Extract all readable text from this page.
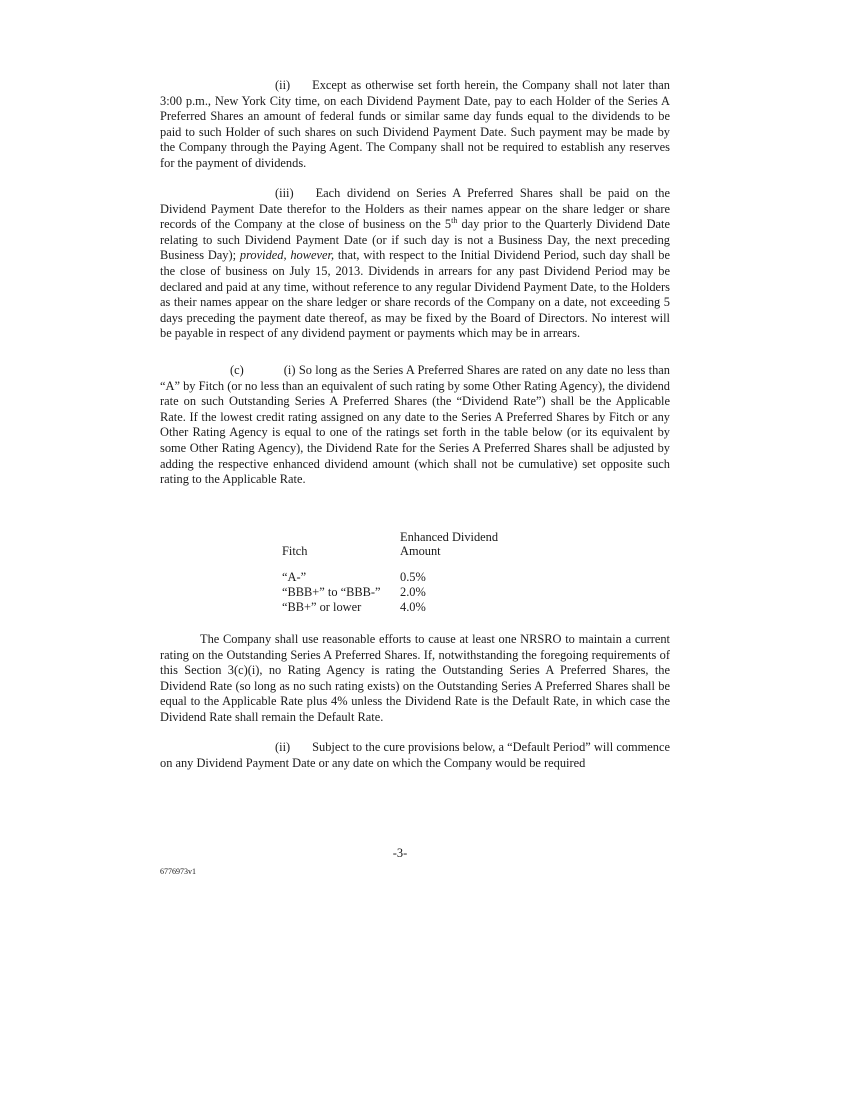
(ii) Except as otherwise set forth herein, the Company shall not later than 3:00 p.m., New York City time, on each Dividend Payment Date, pay to each Holder of the Series A Preferred Shares an amount of federal funds or similar same day funds equal to the dividends to be paid to such Holder of such shares on such Dividend Payment Date. Such payment may be made by the Company through the Paying Agent. The Company shall not be required to establish any reserves for the payment of dividends.

(iii) Each dividend on Series A Preferred Shares shall be paid on the Dividend Payment Date therefor to the Holders as their names appear on the share ledger or share records of the Company at the close of business on the 5th day prior to the Quarterly Dividend Date relating to such Dividend Payment Date (or if such day is not a Business Day, the next preceding Business Day); provided, however, that, with respect to the Initial Dividend Period, such day shall be the close of business on July 15, 2013. Dividends in arrears for any past Dividend Period may be declared and paid at any time, without reference to any regular Dividend Payment Date, to the Holders as their names appear on the share ledger or share records of the Company on a date, not exceeding 5 days preceding the payment date thereof, as may be fixed by the Board of Directors. No interest will be payable in respect of any dividend payment or payments which may be in arrears.

(c)	(i) So long as the Series A Preferred Shares are rated on any date no less than “A” by Fitch (or no less than an equivalent of such rating by some Other Rating Agency), the dividend rate on such Outstanding Series A Preferred Shares (the “Dividend Rate”) shall be the Applicable Rate. If the lowest credit rating assigned on any date to the Series A Preferred Shares by Fitch or any Other Rating Agency is equal to one of the ratings set forth in the table below (or its equivalent by some Other Rating Agency), the Dividend Rate for the Series A Preferred Shares shall be adjusted by adding the respective enhanced dividend amount (which shall not be cumulative) set opposite such rating to the Applicable Rate.

Enhanced Dividend
Fitch	Amount
“A-”	0.5%
“BBB+” to “BBB-”	2.0%
“BB+” or lower	4.0%

The Company shall use reasonable efforts to cause at least one NRSRO to maintain a current rating on the Outstanding Series A Preferred Shares. If, notwithstanding the foregoing requirements of this Section 3(c)(i), no Rating Agency is rating the Outstanding Series A Preferred Shares, the Dividend Rate (so long as no such rating exists) on the Outstanding Series A Preferred Shares shall be equal to the Applicable Rate plus 4% unless the Dividend Rate is the Default Rate, in which case the Dividend Rate shall remain the Default Rate.

(ii) Subject to the cure provisions below, a “Default Period” will commence on any Dividend Payment Date or any date on which the Company would be required

-3-
6776973v1
